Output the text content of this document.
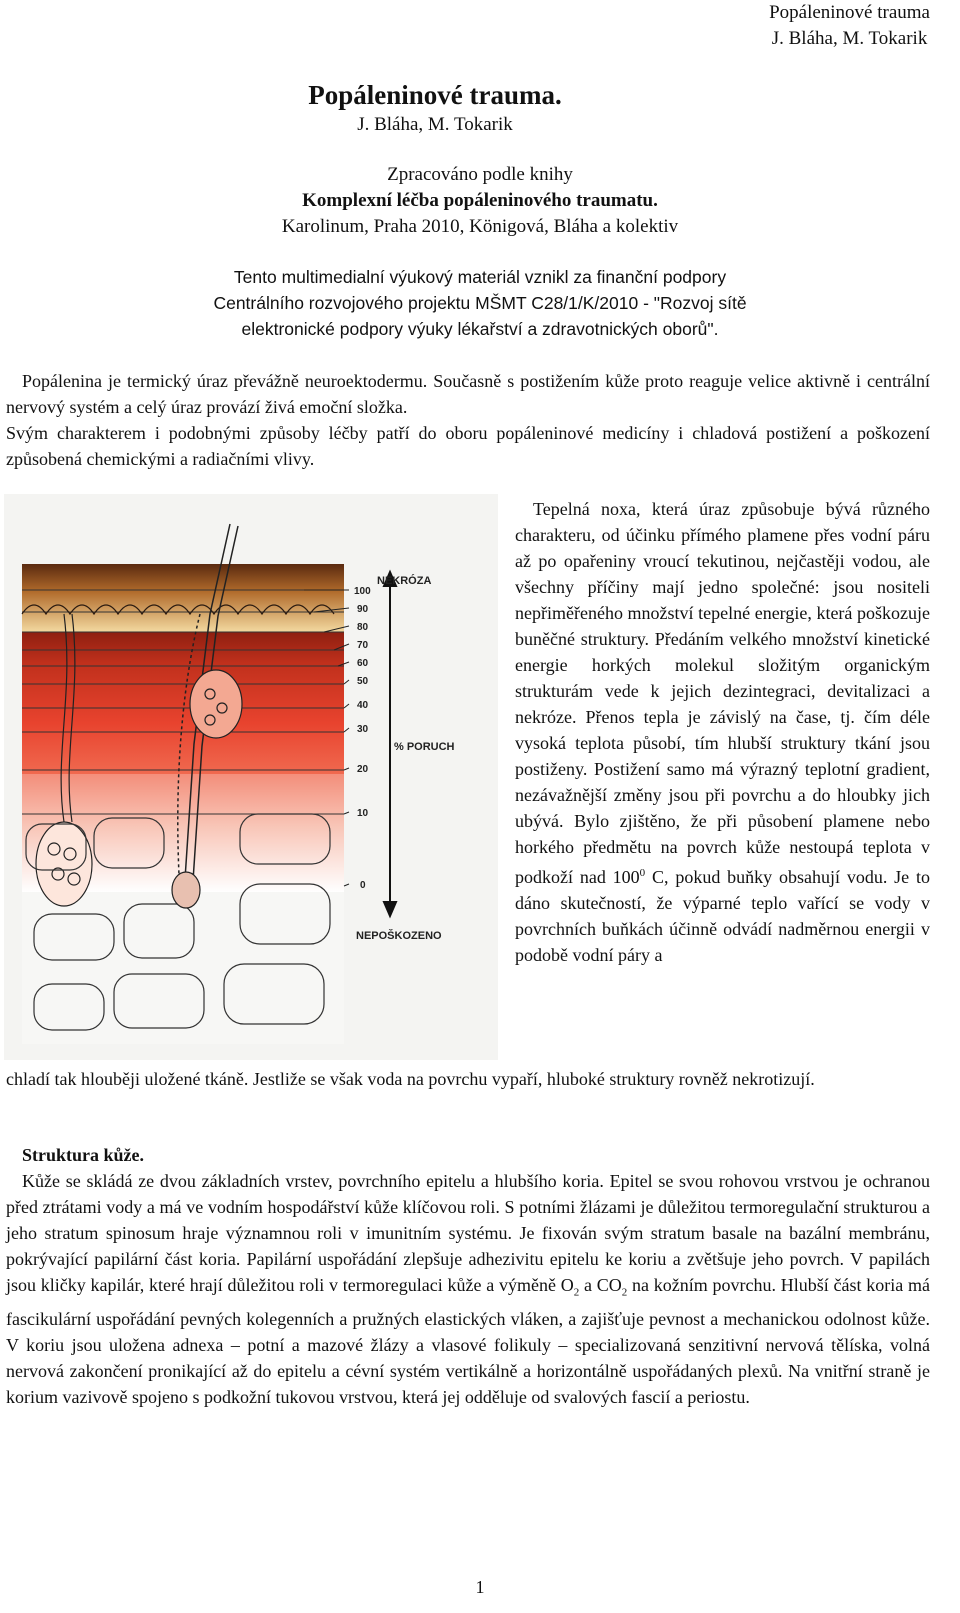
Popáleninové trauma
J. Bláha, M. Tokarik
Popáleninové trauma.
J. Bláha, M. Tokarik
Zpracováno podle knihy
Komplexní léčba popáleninového traumatu.
Karolinum, Praha 2010, Königová, Bláha a kolektiv
Tento multimedialní výukový materiál vznikl za finanční podpory
Centrálního rozvojového projektu MŠMT C28/1/K/2010 - "Rozvoj sítě
elektronické podpory výuky lékařství a zdravotnických oborů".

Popálenina je termický úraz převážně neuroektodermu. Současně s postižením kůže proto reaguje velice aktivně i centrální nervový systém a celý úraz provází živá emoční složka.

Svým charakterem i podobnými způsoby léčby patří do oboru popáleninové medicíny i chladová postižení a poškození způsobená chemickými a radiačními vlivy.

100
90
80
70
60
50
40
30
20
10
0
NEKRÓZA
% PORUCH
NEPOŠKOZENO

Tepelná noxa, která úraz způsobuje bývá různého charakteru, od účinku přímého plamene přes vodní páru až po opařeniny vroucí tekutinou, nejčastěji vodou, ale všechny příčiny mají jedno společné: jsou nositeli nepřiměřeného množství tepelné energie, která poškozuje buněčné struktury. Předáním velkého množství kinetické energie horkých molekul složitým organickým strukturám vede k jejich dezintegraci, devitalizaci a nekróze. Přenos tepla je závislý na čase, tj. čím déle vysoká teplota působí, tím hlubší struktury tkání jsou postiženy. Postižení samo má výrazný teplotní gradient, nezávažnější změny jsou při povrchu a do hloubky jich ubývá. Bylo zjištěno, že při působení plamene nebo horkého předmětu na povrch kůže nestoupá teplota v podkoží nad $100^0$ C, pokud buňky obsahují vodu. Je to dáno skutečností, že výparné teplo vařící se vody v povrchních buňkách účinně odvádí nadměrnou energii v podobě vodní páry a

chladí tak hlouběji uložené tkáně. Jestliže se však voda na povrchu vypaří, hluboké struktury rovněž nekrotizují.

Struktura kůže.

Kůže se skládá ze dvou základních vrstev, povrchního epitelu a hlubšího koria. Epitel se svou rohovou vrstvou je ochranou před ztrátami vody a má ve vodním hospodářství kůže klíčovou roli. S potními žlázami je důležitou termoregulační strukturou a jeho stratum spinosum hraje významnou roli v imunitním systému. Je fixován svým stratum basale na bazální membránu, pokrývající papilární část koria. Papilární uspořádání zlepšuje adhezivitu epitelu ke koriu a zvětšuje jeho povrch. V papilách jsou kličky kapilár, které hrají důležitou roli v termoregulaci kůže a výměně $O_2$ a $CO_2$ na kožním povrchu. Hlubší část koria má fascikulární uspořádání pevných kolegenních a pružných elastických vláken, a zajišťuje pevnost a mechanickou odolnost kůže. V koriu jsou uložena adnexa – potní a mazové žlázy a vlasové folikuly – specializovaná senzitivní nervová tělíska, volná nervová zakončení pronikající až do epitelu a cévní systém vertikálně a horizontálně uspořádaných plexů. Na vnitřní straně je korium vazivově spojeno s podkožní tukovou vrstvou, která jej odděluje od svalových fascií a periostu.

1
